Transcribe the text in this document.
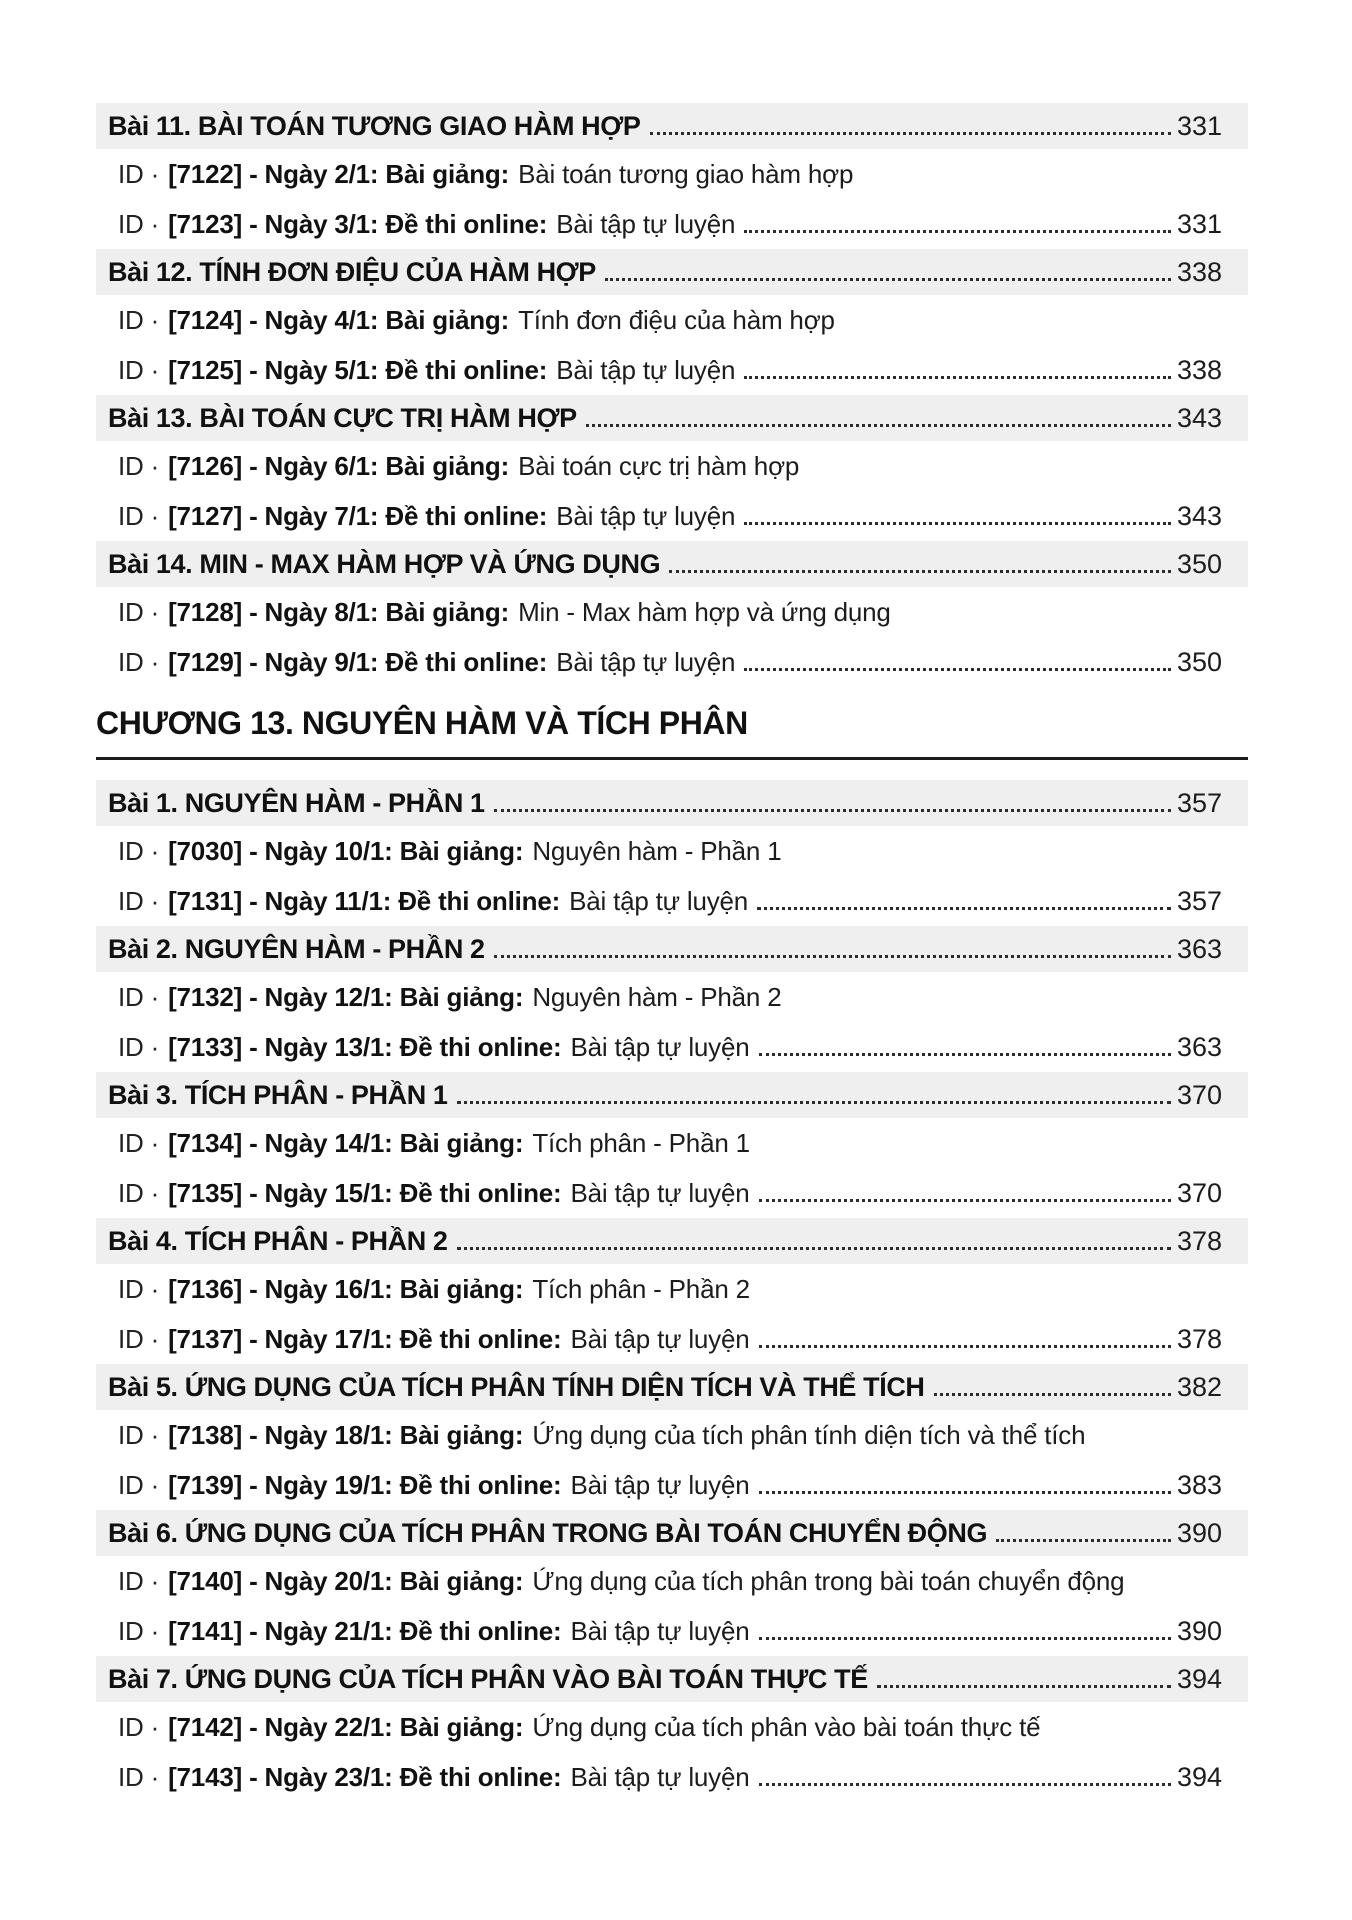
Bài 11. BÀI TOÁN TƯƠNG GIAO HÀM HỢP	331
ID · [7122] - Ngày 2/1: Bài giảng: Bài toán tương giao hàm hợp
ID · [7123] - Ngày 3/1: Đề thi online: Bài tập tự luyện	331
Bài 12. TÍNH ĐƠN ĐIỆU CỦA HÀM HỢP	338
ID · [7124] - Ngày 4/1: Bài giảng: Tính đơn điệu của hàm hợp
ID · [7125] - Ngày 5/1: Đề thi online: Bài tập tự luyện	338
Bài 13. BÀI TOÁN CỰC TRỊ HÀM HỢP	343
ID · [7126] - Ngày 6/1: Bài giảng: Bài toán cực trị hàm hợp
ID · [7127] - Ngày 7/1: Đề thi online: Bài tập tự luyện	343
Bài 14. MIN - MAX HÀM HỢP VÀ ỨNG DỤNG	350
ID · [7128] - Ngày 8/1: Bài giảng: Min - Max hàm hợp và ứng dụng
ID · [7129] - Ngày 9/1: Đề thi online: Bài tập tự luyện	350
CHƯƠNG 13. NGUYÊN HÀM VÀ TÍCH PHÂN
Bài 1. NGUYÊN HÀM - PHẦN 1	357
ID · [7030] - Ngày 10/1: Bài giảng: Nguyên hàm - Phần 1
ID · [7131] - Ngày 11/1: Đề thi online: Bài tập tự luyện	357
Bài 2. NGUYÊN HÀM - PHẦN 2	363
ID · [7132] - Ngày 12/1: Bài giảng: Nguyên hàm - Phần 2
ID · [7133] - Ngày 13/1: Đề thi online: Bài tập tự luyện	363
Bài 3. TÍCH PHÂN - PHẦN 1	370
ID · [7134] - Ngày 14/1: Bài giảng: Tích phân - Phần 1
ID · [7135] - Ngày 15/1: Đề thi online: Bài tập tự luyện	370
Bài 4. TÍCH PHÂN - PHẦN 2	378
ID · [7136] - Ngày 16/1: Bài giảng: Tích phân - Phần 2
ID · [7137] - Ngày 17/1: Đề thi online: Bài tập tự luyện	378
Bài 5. ỨNG DỤNG CỦA TÍCH PHÂN TÍNH DIỆN TÍCH VÀ THỂ TÍCH	382
ID · [7138] - Ngày 18/1: Bài giảng: Ứng dụng của tích phân tính diện tích và thể tích
ID · [7139] - Ngày 19/1: Đề thi online: Bài tập tự luyện	383
Bài 6. ỨNG DỤNG CỦA TÍCH PHÂN TRONG BÀI TOÁN CHUYỂN ĐỘNG	390
ID · [7140] - Ngày 20/1: Bài giảng: Ứng dụng của tích phân trong bài toán chuyển động
ID · [7141] - Ngày 21/1: Đề thi online: Bài tập tự luyện	390
Bài 7. ỨNG DỤNG CỦA TÍCH PHÂN VÀO BÀI TOÁN THỰC TẾ	394
ID · [7142] - Ngày 22/1: Bài giảng: Ứng dụng của tích phân vào bài toán thực tế
ID · [7143] - Ngày 23/1: Đề thi online: Bài tập tự luyện	394
